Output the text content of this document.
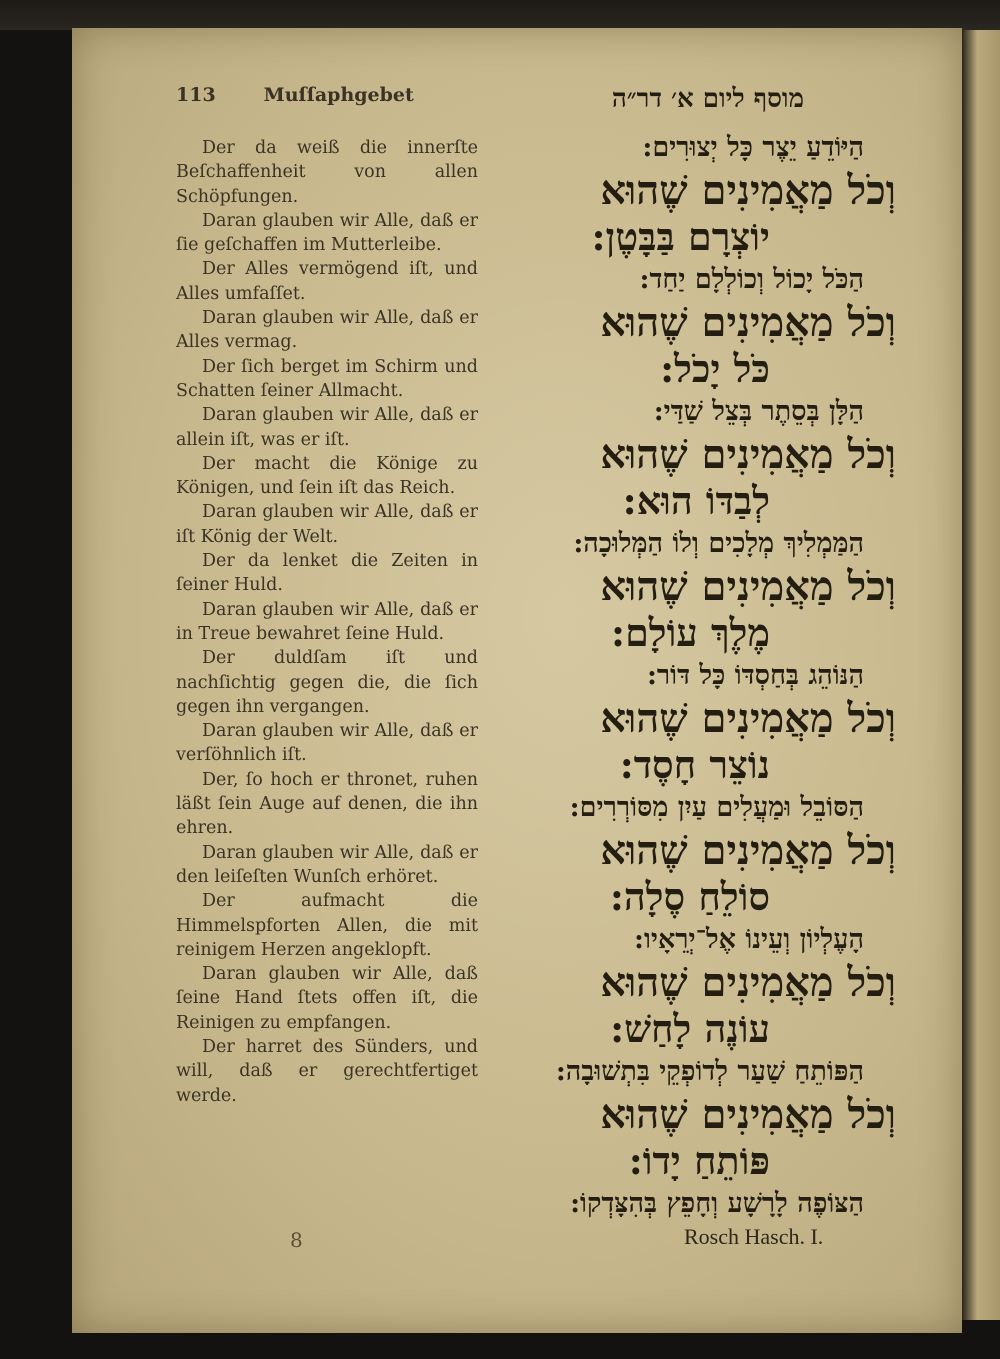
113	Muſſaphgebet

Der da weiß die innerſte Beſchaffenheit von allen Schöpfungen.

Daran glauben wir Alle, daß er ſie geſchaffen im Mutterleibe.

Der Alles vermögend iſt, und Alles umfaſſet.

Daran glauben wir Alle, daß er Alles vermag.

Der ſich berget im Schirm und Schatten ſeiner Allmacht.

Daran glauben wir Alle, daß er allein iſt, was er iſt.

Der macht die Könige zu Königen, und ſein iſt das Reich.

Daran glauben wir Alle, daß er iſt König der Welt.

Der da lenket die Zeiten in ſeiner Huld.

Daran glauben wir Alle, daß er in Treue bewahret ſeine Huld.

Der duldſam iſt und nachſichtig gegen die, die ſich gegen ihn vergangen.

Daran glauben wir Alle, daß er verſöhnlich iſt.

Der, ſo hoch er thronet, ruhen läßt ſein Auge auf denen, die ihn ehren.

Daran glauben wir Alle, daß er den leiſeſten Wunſch erhöret.

Der aufmacht die Himmelspforten Allen, die mit reinigem Herzen angeklopft.

Daran glauben wir Alle, daß ſeine Hand ſtets offen iſt, die Reinigen zu empfangen.

Der harret des Sünders, und will, daß er gerechtfertiget werde.

8
מוסף ליום א׳ דר״ה
הַיּוֹדֵעַ יֵצֶר כָּל יְצוּרִים:
וְכֹל מַאֲמִינִים שֶׁהוּא
יוֹצְרָם בַּבָּטֶן:
הַכֹּל יָכוֹל וְכוֹלְלָם יַחַד:
וְכֹל מַאֲמִינִים שֶׁהוּא
כֹּל יָכֹל:
הַלָּן בְּסֵתֶר בְּצֵל שַׁדַּי:
וְכֹל מַאֲמִינִים שֶׁהוּא
לְבַדּוֹ הוּא:
הַמַּמְלִיךְ מְלָכִים וְלוֹ הַמְּלוּכָה:
וְכֹל מַאֲמִינִים שֶׁהוּא
מֶלֶךְ עוֹלָם:
הַנּוֹהֵג בְּחַסְדּוֹ כָּל דּוֹר:
וְכֹל מַאֲמִינִים שֶׁהוּא
נוֹצֵר חָסֶד:
הַסּוֹבֵל וּמַעֲלִים עַיִן מִסּוֹרְרִים:
וְכֹל מַאֲמִינִים שֶׁהוּא
סוֹלֵחַ סֶלָה:
הָעֶלְיוֹן וְעֵינוֹ אֶל־יְרֵאָיו:
וְכֹל מַאֲמִינִים שֶׁהוּא
עוֹנֶה לָחַשׁ:
הַפּוֹתֵחַ שַׁעַר לְדוֹפְקֵי בִּתְשׁוּבָה:
וְכֹל מַאֲמִינִים שֶׁהוּא
פּוֹתֵחַ יָדוֹ:
הַצּוֹפֶה לָרָשָׁע וְחָפֵץ בְּהִצָּדְקוֹ:
Rosch Hasch. I.
